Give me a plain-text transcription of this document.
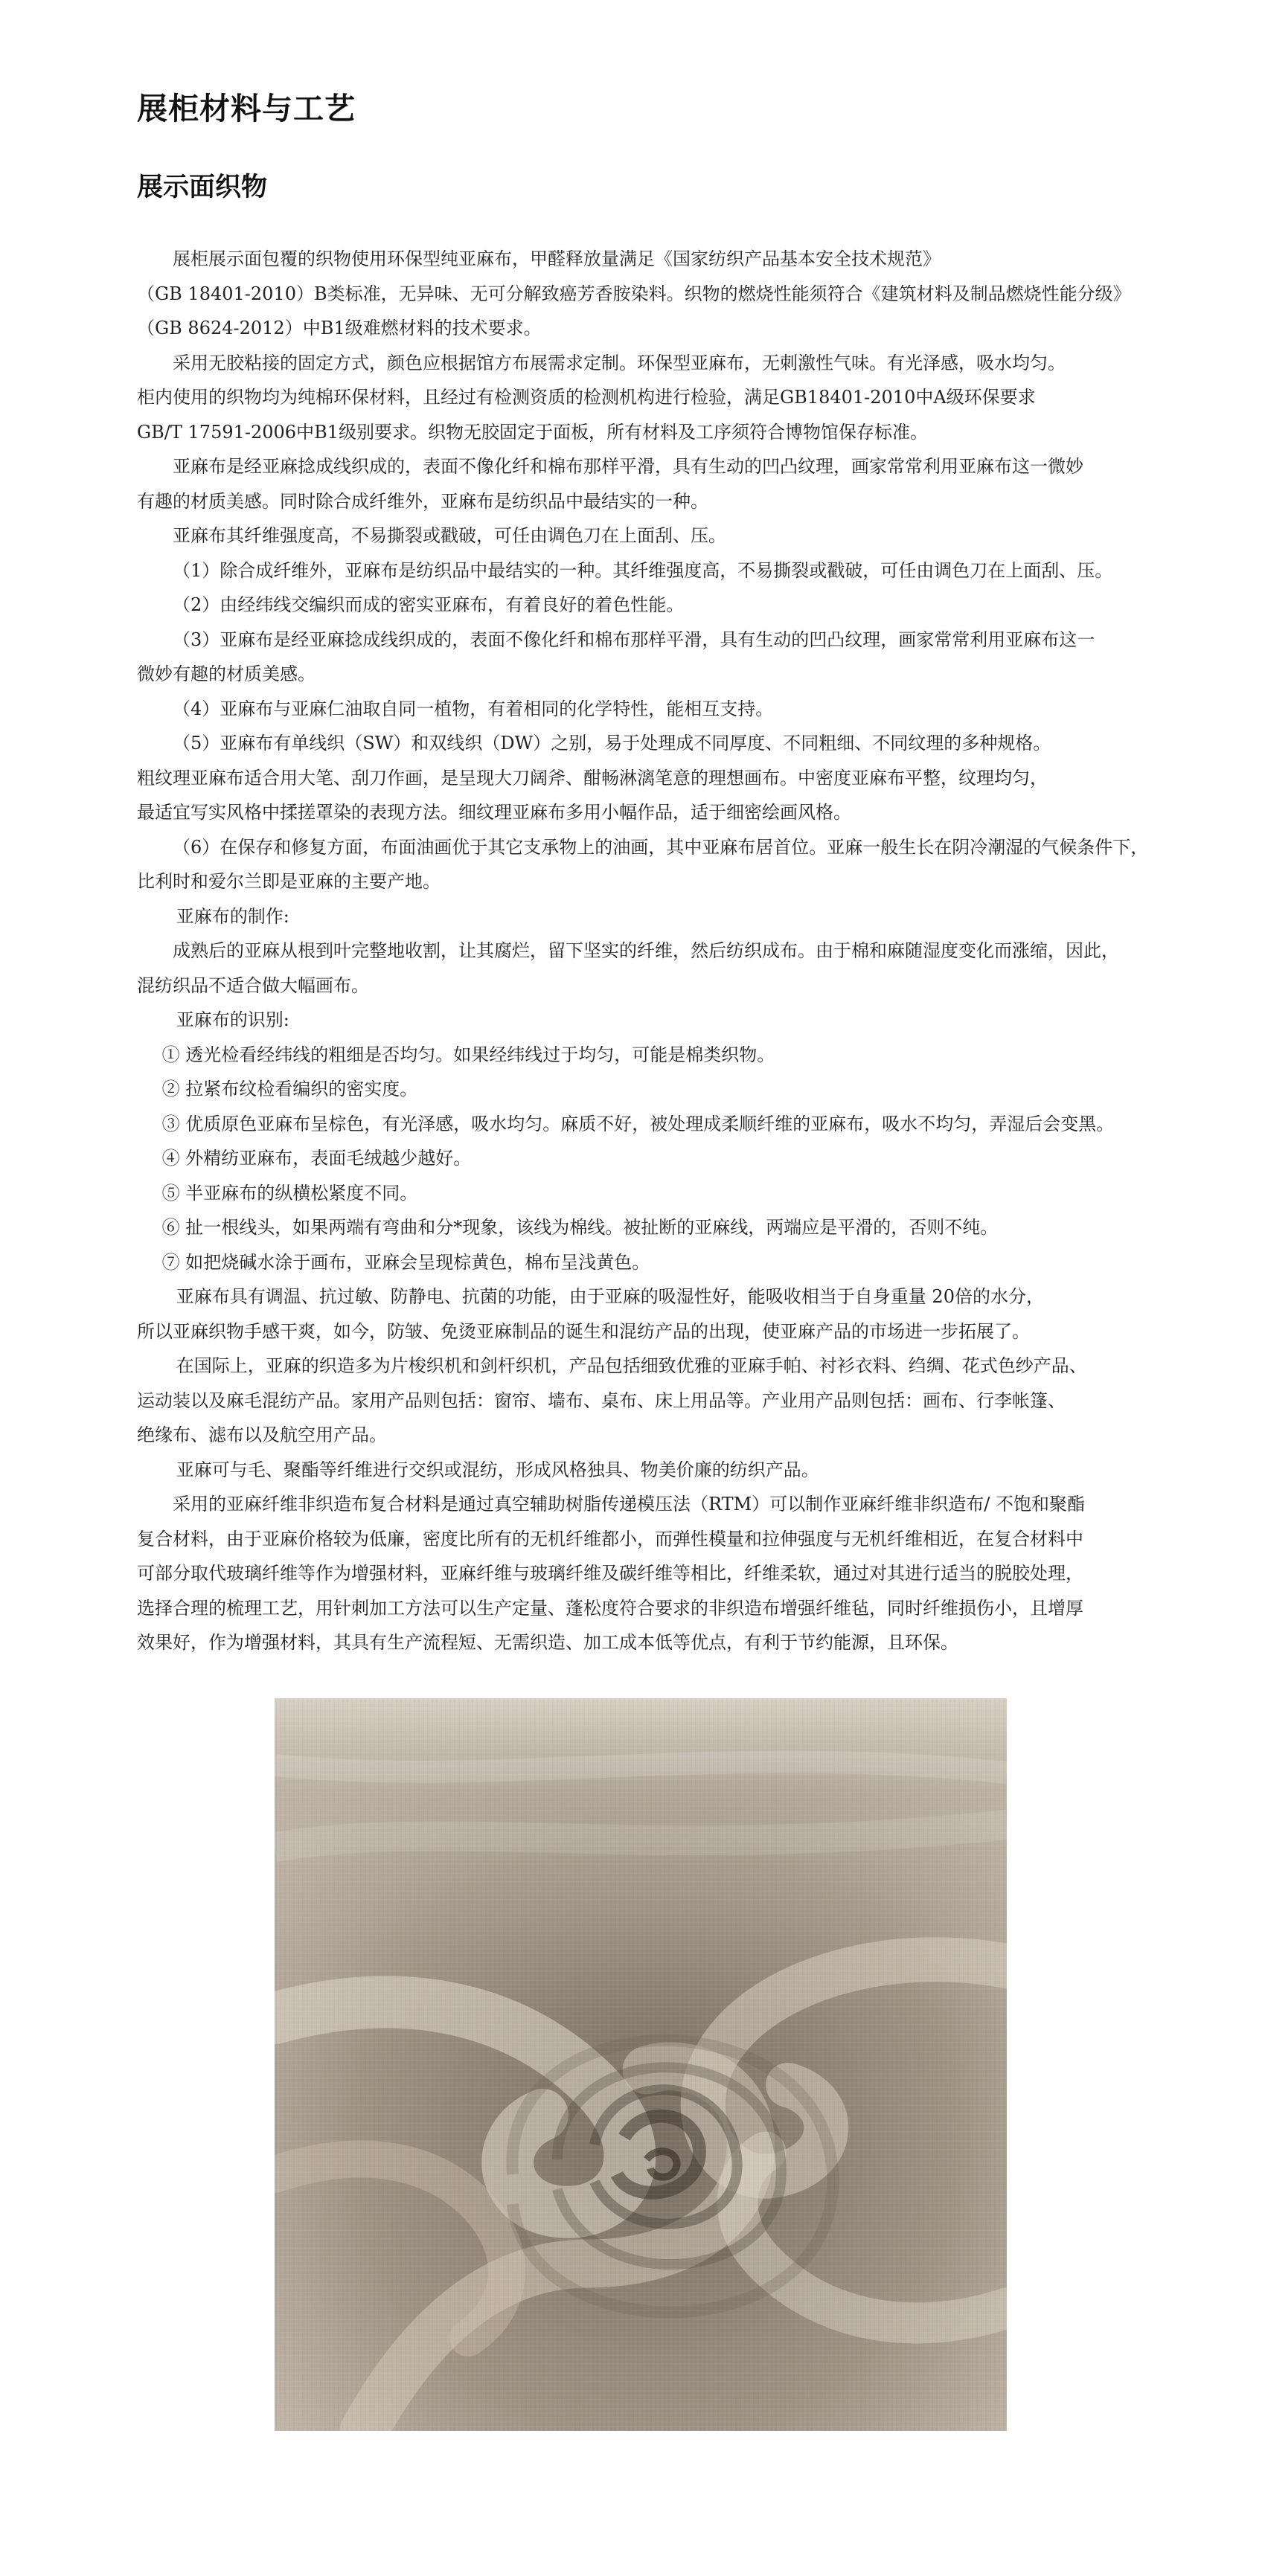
展柜材料与工艺
展示面织物
展柜展示面包覆的织物使用环保型纯亚麻布，甲醛释放量满足《国家纺织产品基本安全技术规范》
（GB 18401-2010）B类标准，无异味、无可分解致癌芳香胺染料。织物的燃烧性能须符合《建筑材料及制品燃烧性能分级》
（GB 8624-2012）中B1级难燃材料的技术要求。
采用无胶粘接的固定方式，颜色应根据馆方布展需求定制。环保型亚麻布，无刺激性气味。有光泽感，吸水均匀。
柜内使用的织物均为纯棉环保材料，且经过有检测资质的检测机构进行检验，满足GB18401-2010中A级环保要求
GB/T 17591-2006中B1级别要求。织物无胶固定于面板，所有材料及工序须符合博物馆保存标准。
亚麻布是经亚麻捻成线织成的，表面不像化纤和棉布那样平滑，具有生动的凹凸纹理，画家常常利用亚麻布这一微妙
有趣的材质美感。同时除合成纤维外，亚麻布是纺织品中最结实的一种。
亚麻布其纤维强度高，不易撕裂或戳破，可任由调色刀在上面刮、压。
（1）除合成纤维外，亚麻布是纺织品中最结实的一种。其纤维强度高，不易撕裂或戳破，可任由调色刀在上面刮、压。
（2）由经纬线交编织而成的密实亚麻布，有着良好的着色性能。
（3）亚麻布是经亚麻捻成线织成的，表面不像化纤和棉布那样平滑，具有生动的凹凸纹理，画家常常利用亚麻布这一
微妙有趣的材质美感。
（4）亚麻布与亚麻仁油取自同一植物，有着相同的化学特性，能相互支持。
（5）亚麻布有单线织（SW）和双线织（DW）之别，易于处理成不同厚度、不同粗细、不同纹理的多种规格。
粗纹理亚麻布适合用大笔、刮刀作画，是呈现大刀阔斧、酣畅淋漓笔意的理想画布。中密度亚麻布平整，纹理均匀，
最适宜写实风格中揉搓罩染的表现方法。细纹理亚麻布多用小幅作品，适于细密绘画风格。
（6）在保存和修复方面，布面油画优于其它支承物上的油画，其中亚麻布居首位。亚麻一般生长在阴冷潮湿的气候条件下，
比利时和爱尔兰即是亚麻的主要产地。
亚麻布的制作:
成熟后的亚麻从根到叶完整地收割，让其腐烂，留下坚实的纤维，然后纺织成布。由于棉和麻随湿度变化而涨缩，因此，
混纺织品不适合做大幅画布。
亚麻布的识别:
① 透光检看经纬线的粗细是否均匀。如果经纬线过于均匀，可能是棉类织物。
② 拉紧布纹检看编织的密实度。
③ 优质原色亚麻布呈棕色，有光泽感，吸水均匀。麻质不好，被处理成柔顺纤维的亚麻布，吸水不均匀，弄湿后会变黑。
④ 外精纺亚麻布，表面毛绒越少越好。
⑤ 半亚麻布的纵横松紧度不同。
⑥ 扯一根线头，如果两端有弯曲和分*现象，该线为棉线。被扯断的亚麻线，两端应是平滑的，否则不纯。
⑦ 如把烧碱水涂于画布，亚麻会呈现棕黄色，棉布呈浅黄色。
亚麻布具有调温、抗过敏、防静电、抗菌的功能，由于亚麻的吸湿性好，能吸收相当于自身重量 20倍的水分，
所以亚麻织物手感干爽，如今，防皱、免烫亚麻制品的诞生和混纺产品的出现，使亚麻产品的市场进一步拓展了。
在国际上，亚麻的织造多为片梭织机和剑杆织机，产品包括细致优雅的亚麻手帕、衬衫衣料、绉绸、花式色纱产品、
运动装以及麻毛混纺产品。家用产品则包括：窗帘、墙布、桌布、床上用品等。产业用产品则包括：画布、行李帐篷、
绝缘布、滤布以及航空用产品。
亚麻可与毛、聚酯等纤维进行交织或混纺，形成风格独具、物美价廉的纺织产品。
采用的亚麻纤维非织造布复合材料是通过真空辅助树脂传递模压法（RTM）可以制作亚麻纤维非织造布/ 不饱和聚酯
复合材料，由于亚麻价格较为低廉，密度比所有的无机纤维都小，而弹性模量和拉伸强度与无机纤维相近，在复合材料中
可部分取代玻璃纤维等作为增强材料，亚麻纤维与玻璃纤维及碳纤维等相比，纤维柔软，通过对其进行适当的脱胶处理，
选择合理的梳理工艺，用针刺加工方法可以生产定量、蓬松度符合要求的非织造布增强纤维毡，同时纤维损伤小，且增厚
效果好，作为增强材料，其具有生产流程短、无需织造、加工成本低等优点，有利于节约能源，且环保。
